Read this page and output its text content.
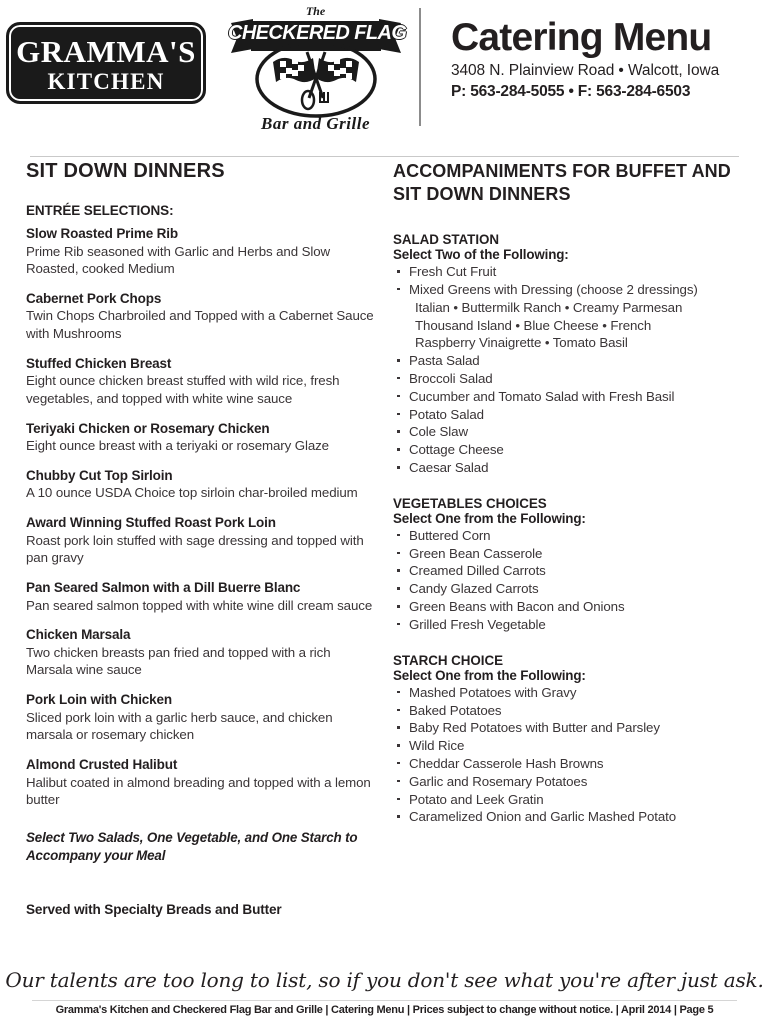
GRAMMA'S
KITCHEN
The
CHECKERED FLAG
Bar and Grille
Catering Menu
3408 N. Plainview Road • Walcott, Iowa
P: 563-284-5055 • F: 563-284-6503
SIT DOWN DINNERS
ENTRÉE SELECTIONS:
Slow Roasted Prime Rib
Prime Rib seasoned with Garlic and Herbs and Slow Roasted, cooked Medium
Cabernet Pork Chops
Twin Chops Charbroiled and Topped with a Cabernet Sauce with Mushrooms
Stuffed Chicken Breast
Eight ounce chicken breast stuffed with wild rice, fresh vegetables, and topped with white wine sauce
Teriyaki Chicken or Rosemary Chicken
Eight ounce breast with a teriyaki or rosemary Glaze
Chubby Cut Top Sirloin
A 10 ounce USDA Choice top sirloin char-broiled medium
Award Winning Stuffed Roast Pork Loin
Roast pork loin stuffed with sage dressing and topped with pan gravy
Pan Seared Salmon with a Dill Buerre Blanc
Pan seared salmon topped with white wine dill cream sauce
Chicken Marsala
Two chicken breasts pan fried and topped with a rich Marsala wine sauce
Pork Loin with Chicken
Sliced pork loin with a garlic herb sauce, and chicken marsala or rosemary chicken
Almond Crusted Halibut
Halibut coated in almond breading and topped with a lemon butter
Select Two Salads, One Vegetable, and One Starch to Accompany your Meal
Served with Specialty Breads and Butter
ACCOMPANIMENTS FOR BUFFET AND SIT DOWN DINNERS
SALAD STATION
Select Two of the Following:
Fresh Cut Fruit
Mixed Greens with Dressing (choose 2 dressings)
Italian • Buttermilk Ranch • Creamy Parmesan
Thousand Island • Blue Cheese • French
Raspberry Vinaigrette • Tomato Basil
Pasta Salad
Broccoli Salad
Cucumber and Tomato Salad with Fresh Basil
Potato Salad
Cole Slaw
Cottage Cheese
Caesar Salad
VEGETABLES CHOICES
Select One from the Following:
Buttered Corn
Green Bean Casserole
Creamed Dilled Carrots
Candy Glazed Carrots
Green Beans with Bacon and Onions
Grilled Fresh Vegetable
STARCH CHOICE
Select One from the Following:
Mashed Potatoes with Gravy
Baked Potatoes
Baby Red Potatoes with Butter and Parsley
Wild Rice
Cheddar Casserole Hash Browns
Garlic and Rosemary Potatoes
Potato and Leek Gratin
Caramelized Onion and Garlic Mashed Potato
Our talents are too long to list, so if you don't see what you're after just ask.
Gramma's Kitchen and Checkered Flag Bar and Grille | Catering Menu | Prices subject to change without notice. | April 2014 | Page 5
